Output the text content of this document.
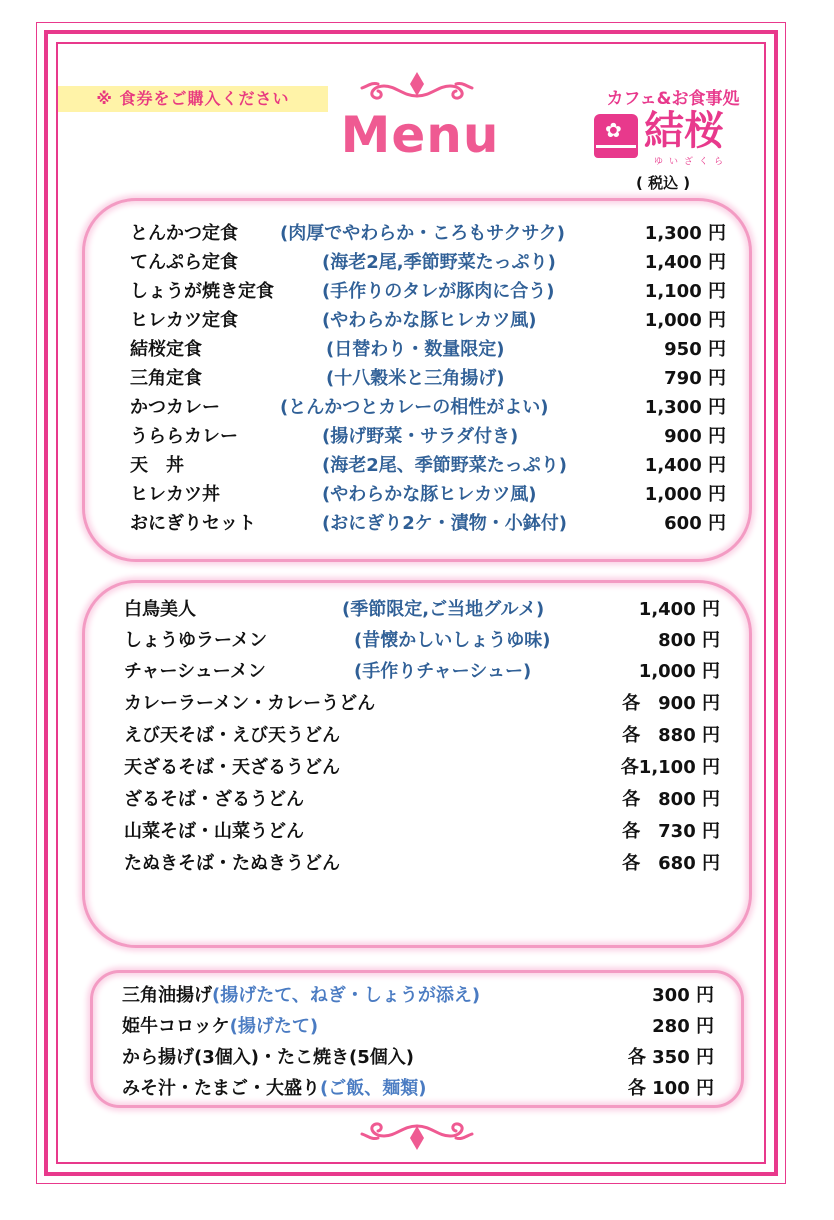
※ 食券をご購入ください
Menu
カフェ&お食事処
✿ 結桜
ゆいざくら
( 税込 )
とんかつ定食 (肉厚でやわらか・ころもサクサク)	1,300 円
てんぷら定食	(海老2尾,季節野菜たっぷり)	1,400 円
しょうが焼き定食	(手作りのタレが豚肉に合う)	1,100 円
ヒレカツ定食	(やわらかな豚ヒレカツ風)	1,000 円
結桜定食	(日替わり・数量限定)	950 円
三角定食	(十八穀米と三角揚げ)	790 円
かつカレー	(とんかつとカレーの相性がよい)	1,300 円
うららカレー	(揚げ野菜・サラダ付き)	900 円
天　丼	(海老2尾、季節野菜たっぷり)	1,400 円
ヒレカツ丼	(やわらかな豚ヒレカツ風)	1,000 円
おにぎりセット	(おにぎり2ケ・漬物・小鉢付)	600 円
白鳥美人	(季節限定,ご当地グルメ)	1,400 円
しょうゆラーメン	(昔懐かしいしょうゆ味)	800 円
チャーシューメン	(手作りチャーシュー)	1,000 円
カレーラーメン・カレーうどん	各　900 円
えび天そば・えび天うどん	各　880 円
天ざるそば・天ざるうどん	各1,100 円
ざるそば・ざるうどん	各　800 円
山菜そば・山菜うどん	各　730 円
たぬきそば・たぬきうどん	各　680 円
三角油揚げ(揚げたて、ねぎ・しょうが添え)	300 円
姫牛コロッケ(揚げたて)	280 円
から揚げ(3個入)・たこ焼き(5個入)	各 350 円
みそ汁・たまご・大盛り(ご飯、麺類)	各 100 円
